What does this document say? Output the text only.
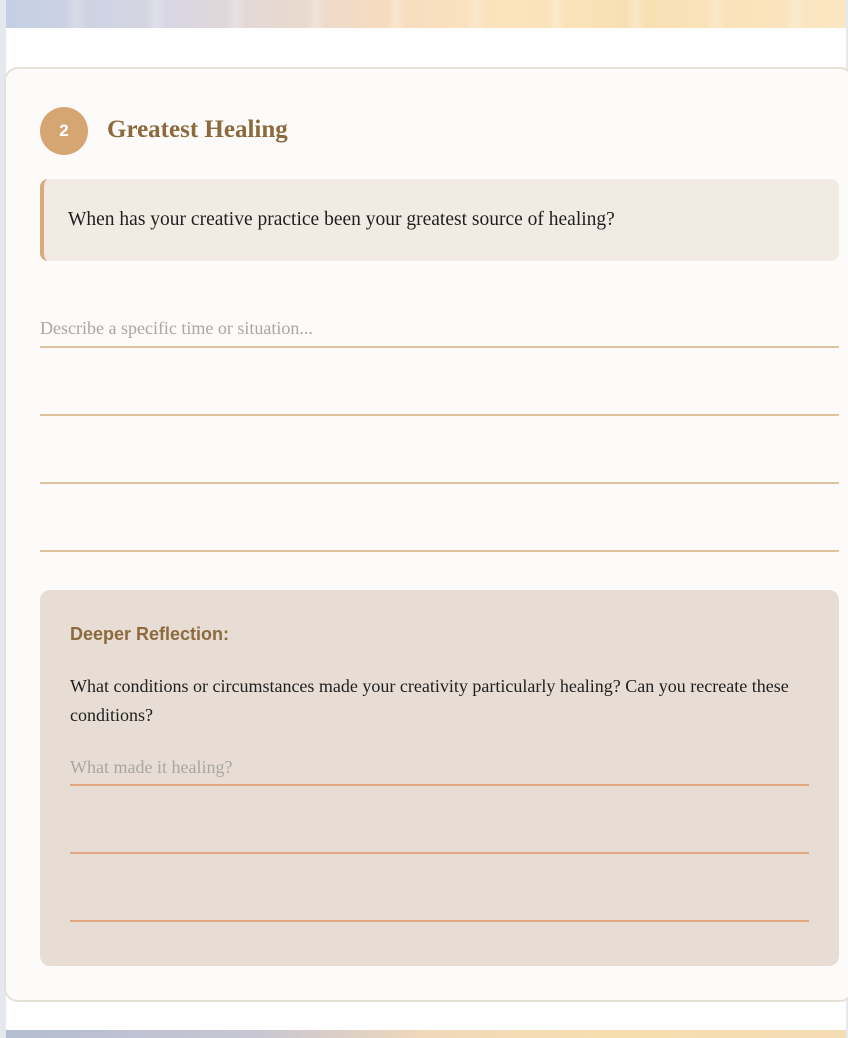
2	Greatest Healing
When has your creative practice been your greatest source of healing?
Describe a specific time or situation...
Deeper Reflection:

What conditions or circumstances made your creativity particularly healing? Can you recreate these conditions?

What made it healing?
